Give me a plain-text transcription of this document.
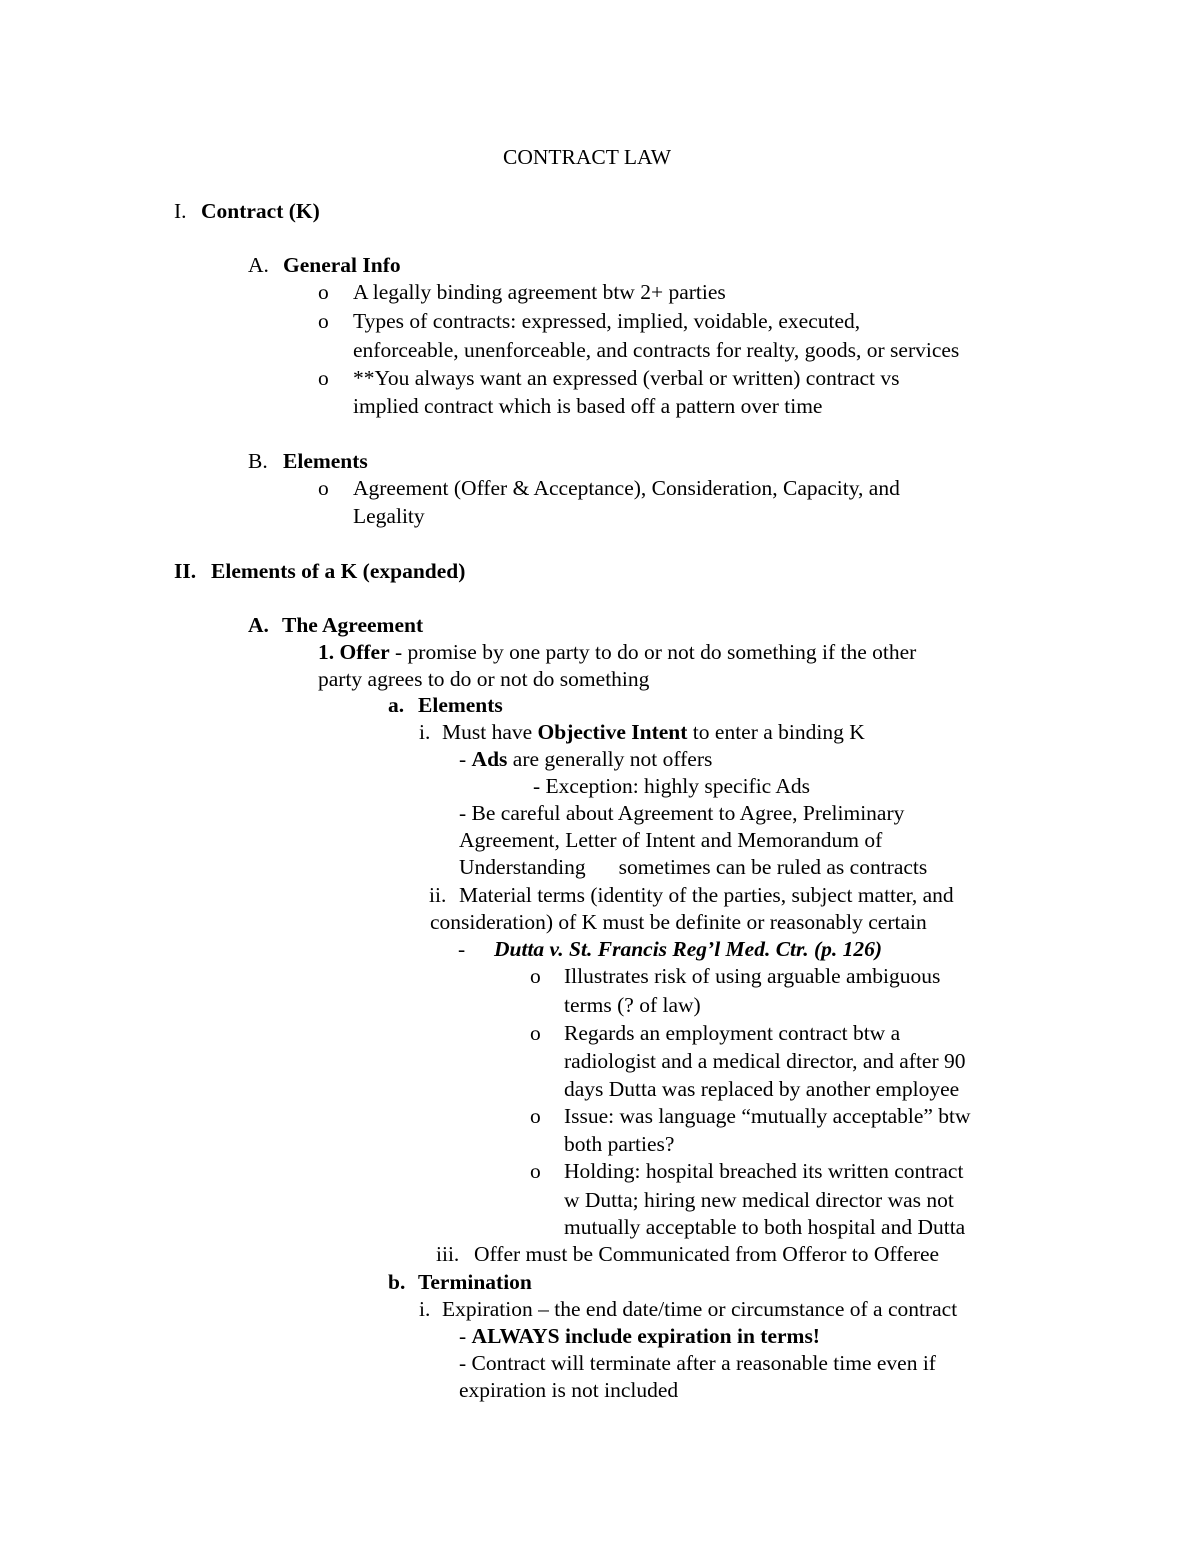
CONTRACT LAW
I. Contract (K)
A. General Info
o A legally binding agreement btw 2+ parties
o Types of contracts: expressed, implied, voidable, executed,
enforceable, unenforceable, and contracts for realty, goods, or services
o **You always want an expressed (verbal or written) contract vs
implied contract which is based off a pattern over time
B. Elements
o Agreement (Offer & Acceptance), Consideration, Capacity, and
Legality
II. Elements of a K (expanded)
A. The Agreement
1. Offer - promise by one party to do or not do something if the other
party agrees to do or not do something
a. Elements
i. Must have Objective Intent to enter a binding K
- Ads are generally not offers
- Exception: highly specific Ads
- Be careful about Agreement to Agree, Preliminary
Agreement, Letter of Intent and Memorandum of
Understanding sometimes can be ruled as contracts
ii. Material terms (identity of the parties, subject matter, and
consideration) of K must be definite or reasonably certain
- Dutta v. St. Francis Reg’l Med. Ctr. (p. 126)
o Illustrates risk of using arguable ambiguous
terms (? of law)
o Regards an employment contract btw a
radiologist and a medical director, and after 90
days Dutta was replaced by another employee
o Issue: was language “mutually acceptable” btw
both parties?
o Holding: hospital breached its written contract
w Dutta; hiring new medical director was not
mutually acceptable to both hospital and Dutta
iii. Offer must be Communicated from Offeror to Offeree
b. Termination
i. Expiration – the end date/time or circumstance of a contract
- ALWAYS include expiration in terms!
- Contract will terminate after a reasonable time even if
expiration is not included
